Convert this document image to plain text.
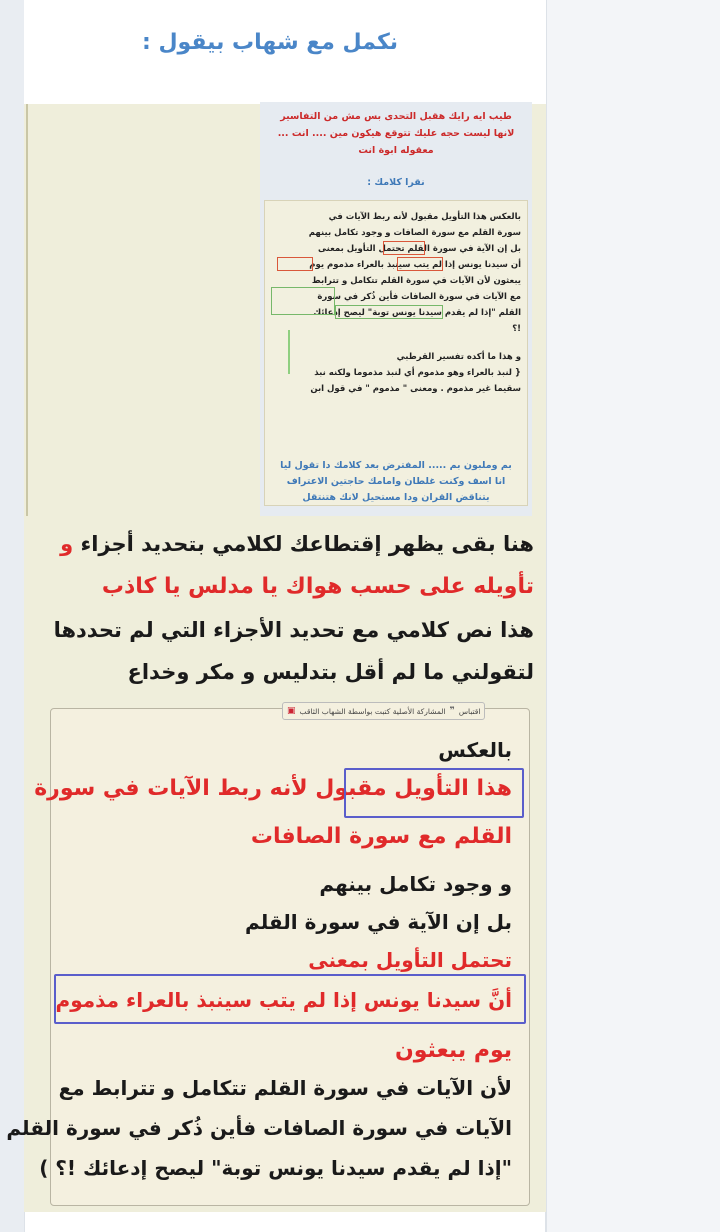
نكمل مع شهاب بيقول :
طيب ايه رايك هقبل التحدى بس مش من التفاسير
لانها ليست حجه عليك تتوقع هيكون مين .... انت ...
معقوله ابوة انت
نقرا كلامك :
بالعكس هذا التأويل مقبول لأنه ربط الآيات في
سورة القلم مع سورة الصافات و وجود تكامل بينهم
بل إن الآية في سورة القلم تحتمل التأويل بمعنى
أن سيدنا يونس إذا لم يتب سينبذ بالعراء مذموم يوم
يبعثون لأن الآيات في سورة القلم تتكامل و تترابط
مع الآيات في سورة الصافات فأين ذُكر في سورة
القلم "إذا لم يقدم سيدنا يونس توبة" ليصح إدعائك
!؟
و هذا ما أكده تفسير القرطبي
{ لنبذ بالعراء وهو مذموم أي لنبذ مذموما ولكنه نبذ
سقيما غير مذموم . ومعنى " مذموم " في قول ابن
بم وملبون بم ..... المفترض بعد كلامك دا تقول ليا
انا اسف وكنت غلطان وامامك حاجتين الاعتراف
بتناقض القران ودا مستحيل لانك هتنتقل
هنا بقى يظهر إقتطاعك لكلامي بتحديد أجزاء و
تأويله على حسب هواك يا مدلس يا كاذب
هذا نص كلامي مع تحديد الأجزاء التي لم تحددها
لتقولني ما لم أقل بتدليس و مكر وخداع
اقتباس
❞
المشاركة الأصلية كتبت بواسطة الشهاب الثاقب
▣
بالعكس
هذا التأويل مقبول لأنه ربط الآيات في سورة
القلم مع سورة الصافات
و وجود تكامل بينهم
بل إن الآية في سورة القلم
تحتمل التأويل بمعنى
أنَّ سيدنا يونس إذا لم يتب سينبذ بالعراء مذموم
يوم يبعثون
لأن الآيات في سورة القلم تتكامل و تترابط مع
الآيات في سورة الصافات فأين ذُكر في سورة القلم
"إذا لم يقدم سيدنا يونس توبة" ليصح إدعائك !؟ )
